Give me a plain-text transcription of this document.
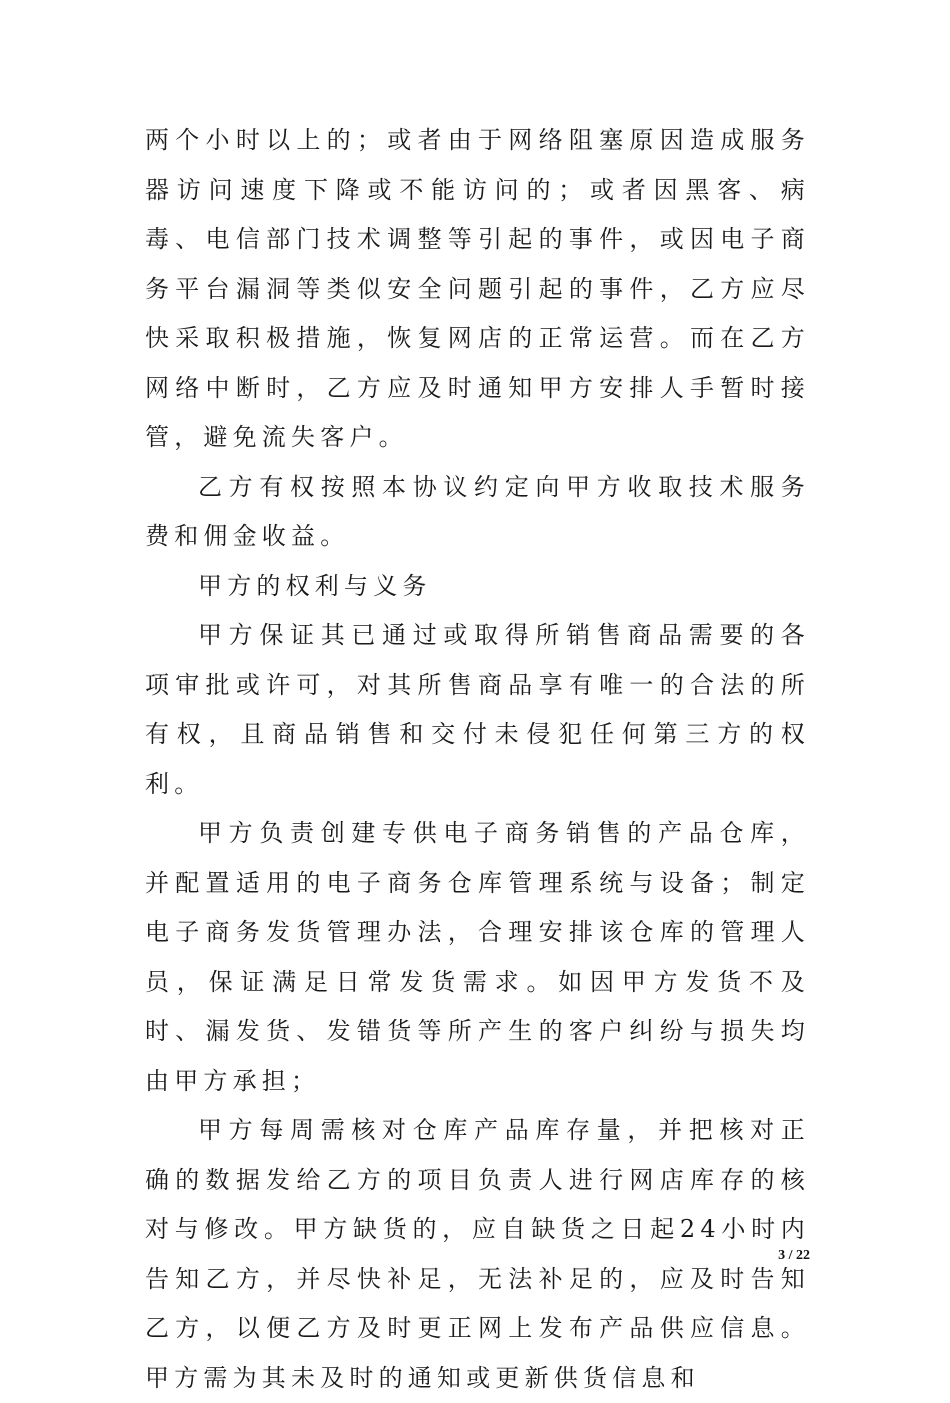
两个小时以上的；或者由于网络阻塞原因造成服务器访问速度下降或不能访问的；或者因黑客、病毒、电信部门技术调整等引起的事件，或因电子商务平台漏洞等类似安全问题引起的事件，乙方应尽快采取积极措施，恢复网店的正常运营。而在乙方网络中断时，乙方应及时通知甲方安排人手暂时接管，避免流失客户。

乙方有权按照本协议约定向甲方收取技术服务费和佣金收益。

甲方的权利与义务

甲方保证其已通过或取得所销售商品需要的各项审批或许可，对其所售商品享有唯一的合法的所有权，且商品销售和交付未侵犯任何第三方的权利。

甲方负责创建专供电子商务销售的产品仓库，并配置适用的电子商务仓库管理系统与设备；制定电子商务发货管理办法，合理安排该仓库的管理人员，保证满足日常发货需求。如因甲方发货不及时、漏发货、发错货等所产生的客户纠纷与损失均由甲方承担；

甲方每周需核对仓库产品库存量，并把核对正确的数据发给乙方的项目负责人进行网店库存的核对与修改。甲方缺货的，应自缺货之日起24小时内告知乙方，并尽快补足，无法补足的，应及时告知乙方，以便乙方及时更正网上发布产品供应信息。甲方需为其未及时的通知或更新供货信息和

3 / 22
